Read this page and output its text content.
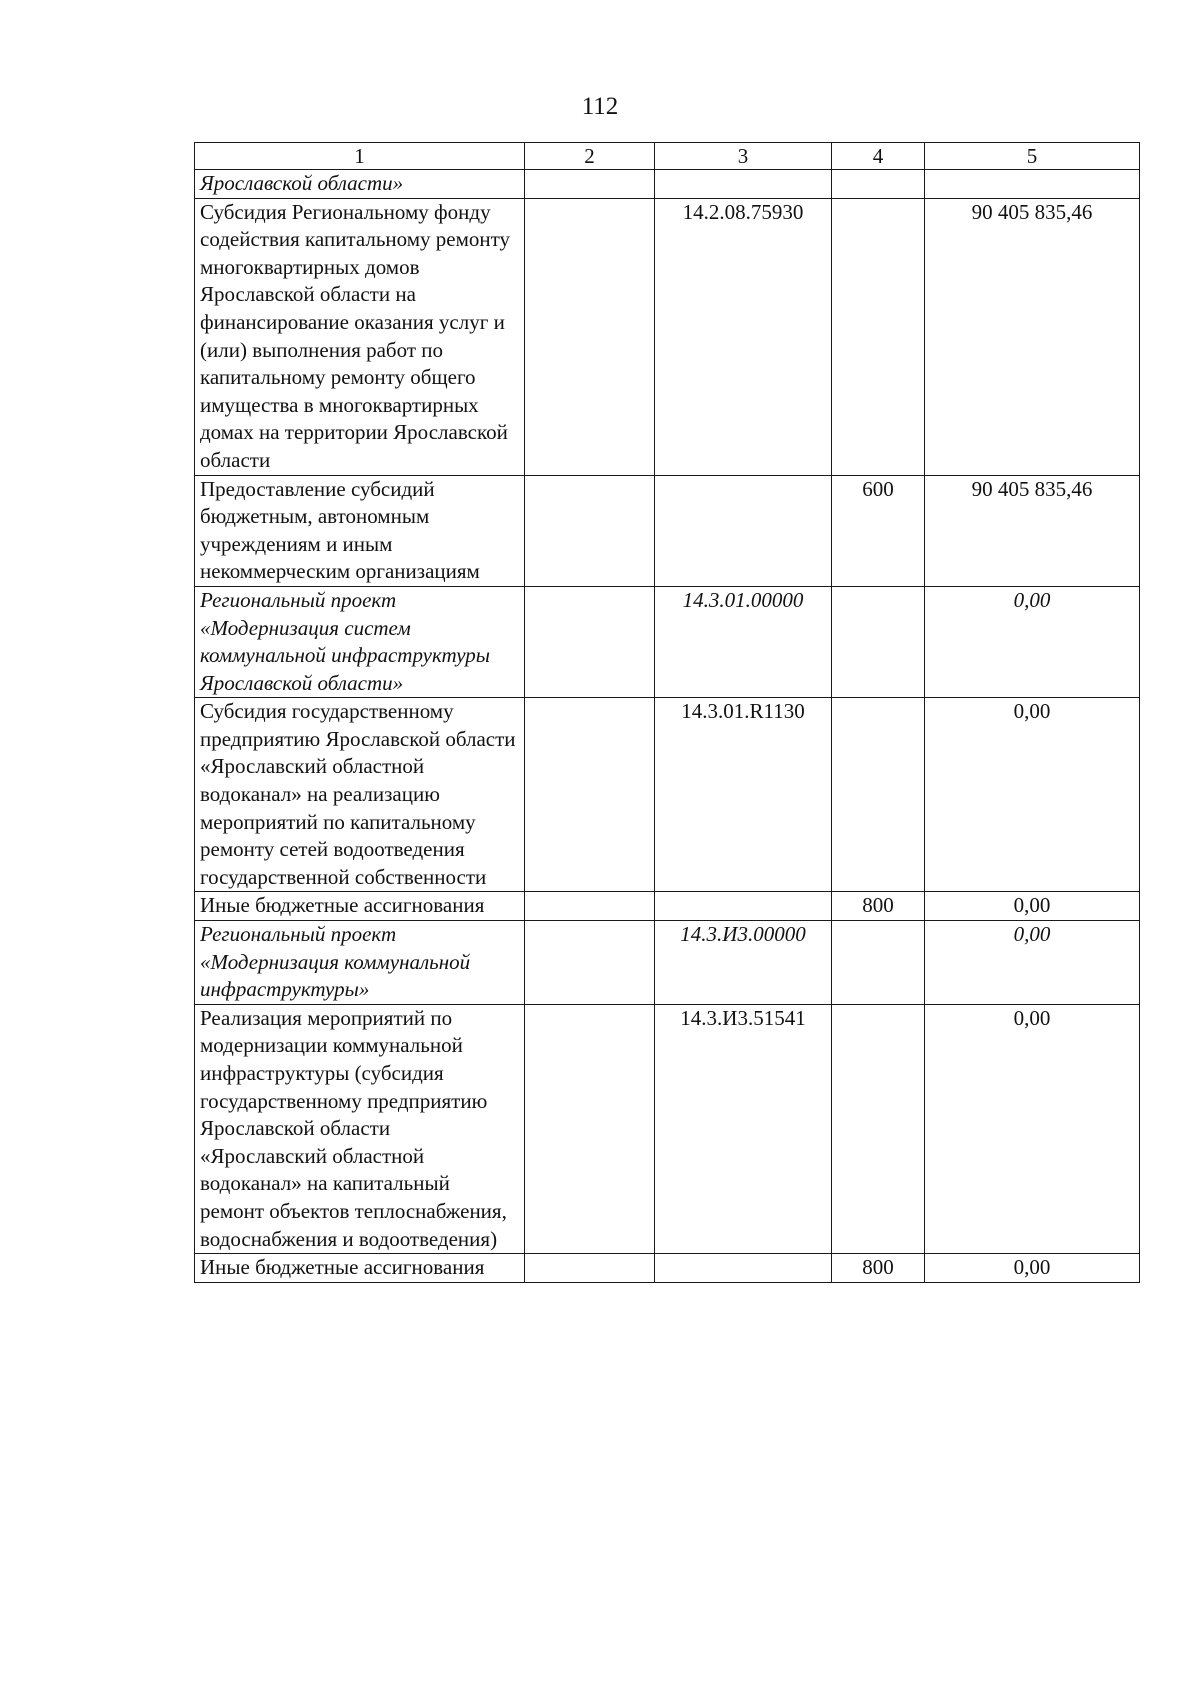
112
1	2	3	4	5
Ярославской области»				
Субсидия Региональному фонду содействия капитальному ремонту многоквартирных домов Ярославской области на финансирование оказания услуг и (или) выполнения работ по капитальному ремонту общего имущества в многоквартирных домах на территории Ярославской области		14.2.08.75930		90 405 835,46
Предоставление субсидий бюджетным, автономным учреждениям и иным некоммерческим организациям			600	90 405 835,46
Региональный проект «Модернизация систем коммунальной инфраструктуры Ярославской области»		14.3.01.00000		0,00
Субсидия государственному предприятию Ярославской области «Ярославский областной водоканал» на реализацию мероприятий по капитальному ремонту сетей водоотведения государственной собственности		14.3.01.R1130		0,00
Иные бюджетные ассигнования			800	0,00
Региональный проект «Модернизация коммунальной инфраструктуры»		14.3.И3.00000		0,00
Реализация мероприятий по модернизации коммунальной инфраструктуры (субсидия государственному предприятию Ярославской области «Ярославский областной водоканал» на капитальный ремонт объектов теплоснабжения, водоснабжения и водоотведения)		14.3.И3.51541		0,00
Иные бюджетные ассигнования			800	0,00
